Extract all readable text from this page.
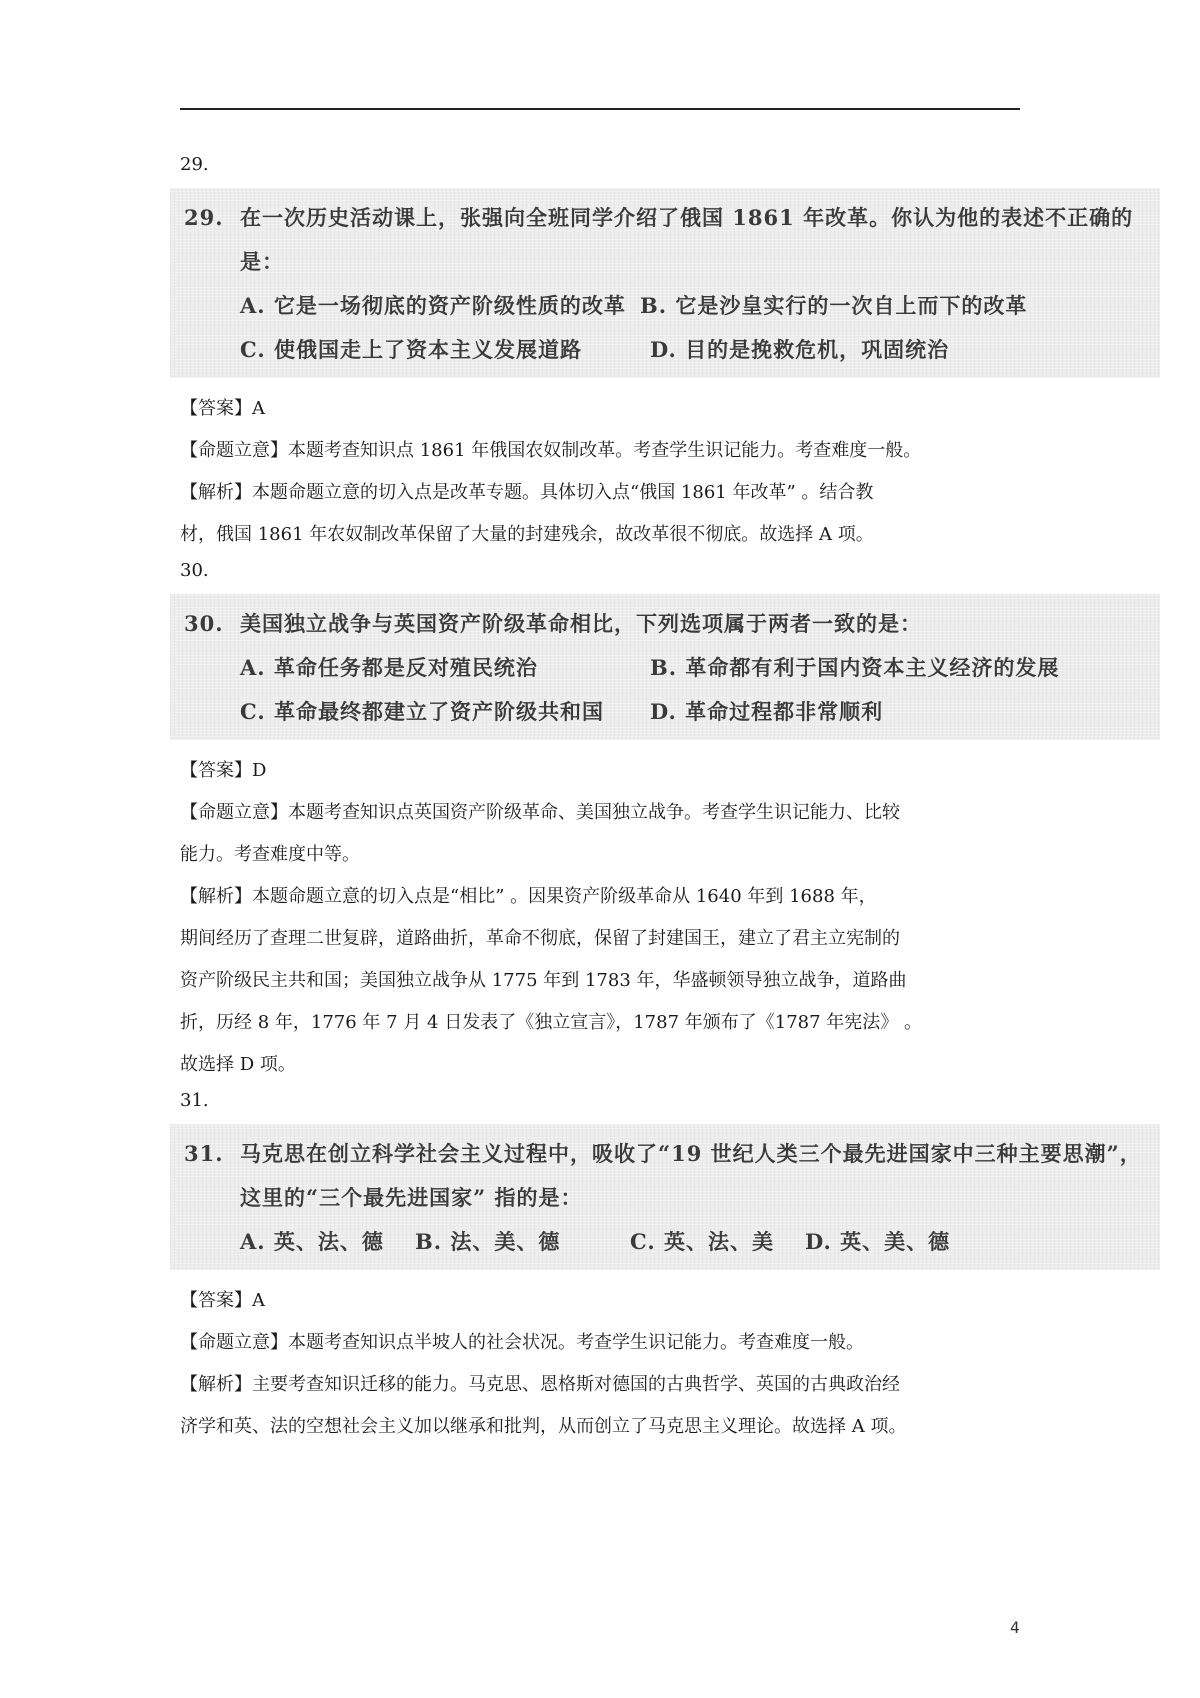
29.
29. 在一次历史活动课上，张强向全班同学介绍了俄国 1861 年改革。你认为他的表述不正确的是：
A. 它是一场彻底的资产阶级性质的改革 B. 它是沙皇实行的一次自上而下的改革
C. 使俄国走上了资本主义发展道路	D. 目的是挽救危机，巩固统治
【答案】A
【命题立意】本题考查知识点 1861 年俄国农奴制改革。考查学生识记能力。考查难度一般。
【解析】本题命题立意的切入点是改革专题。具体切入点“俄国 1861 年改革” 。结合教
材，俄国 1861 年农奴制改革保留了大量的封建残余，故改革很不彻底。故选择 A 项。
30.
30. 美国独立战争与英国资产阶级革命相比，下列选项属于两者一致的是：
A. 革命任务都是反对殖民统治	B. 革命都有利于国内资本主义经济的发展
C. 革命最终都建立了资产阶级共和国	D. 革命过程都非常顺利
【答案】D
【命题立意】本题考查知识点英国资产阶级革命、美国独立战争。考查学生识记能力、比较
能力。考查难度中等。
【解析】本题命题立意的切入点是“相比” 。因果资产阶级革命从 1640 年到 1688 年，
期间经历了查理二世复辟，道路曲折，革命不彻底，保留了封建国王，建立了君主立宪制的
资产阶级民主共和国；美国独立战争从 1775 年到 1783 年，华盛顿领导独立战争，道路曲
折，历经 8 年，1776 年 7 月 4 日发表了《独立宣言》，1787 年颁布了《1787 年宪法》 。
故选择 D 项。
31.
31. 马克思在创立科学社会主义过程中，吸收了“19 世纪人类三个最先进国家中三种主要思潮”，这里的“三个最先进国家” 指的是：
A. 英、法、德	B. 法、美、德	C. 英、法、美	D. 英、美、德
【答案】A
【命题立意】本题考查知识点半坡人的社会状况。考查学生识记能力。考查难度一般。
【解析】主要考查知识迁移的能力。马克思、恩格斯对德国的古典哲学、英国的古典政治经
济学和英、法的空想社会主义加以继承和批判，从而创立了马克思主义理论。故选择 A 项。
4
